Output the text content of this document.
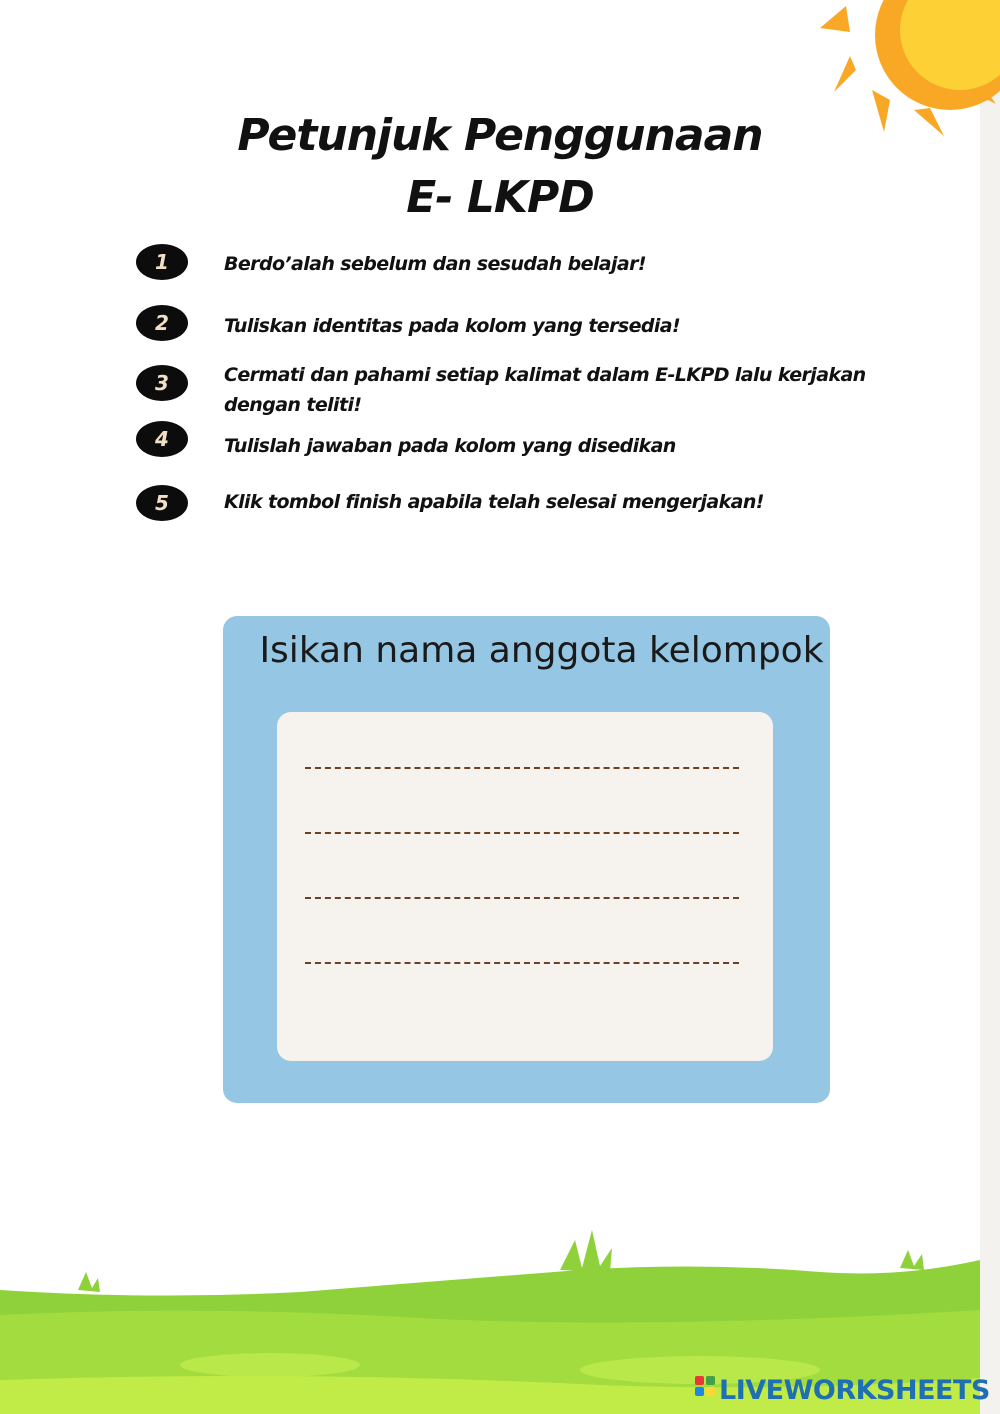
Petunjuk Penggunaan
E- LKPD
1	Berdo’alah sebelum dan sesudah belajar!
2	Tuliskan identitas pada kolom yang tersedia!
3	Cermati dan pahami setiap kalimat dalam E-LKPD lalu kerjakan dengan teliti!
4	Tulislah jawaban pada kolom yang disedikan
5	Klik tombol finish apabila telah selesai mengerjakan!
Isikan nama anggota kelompok
LIVEWORKSHEETS
